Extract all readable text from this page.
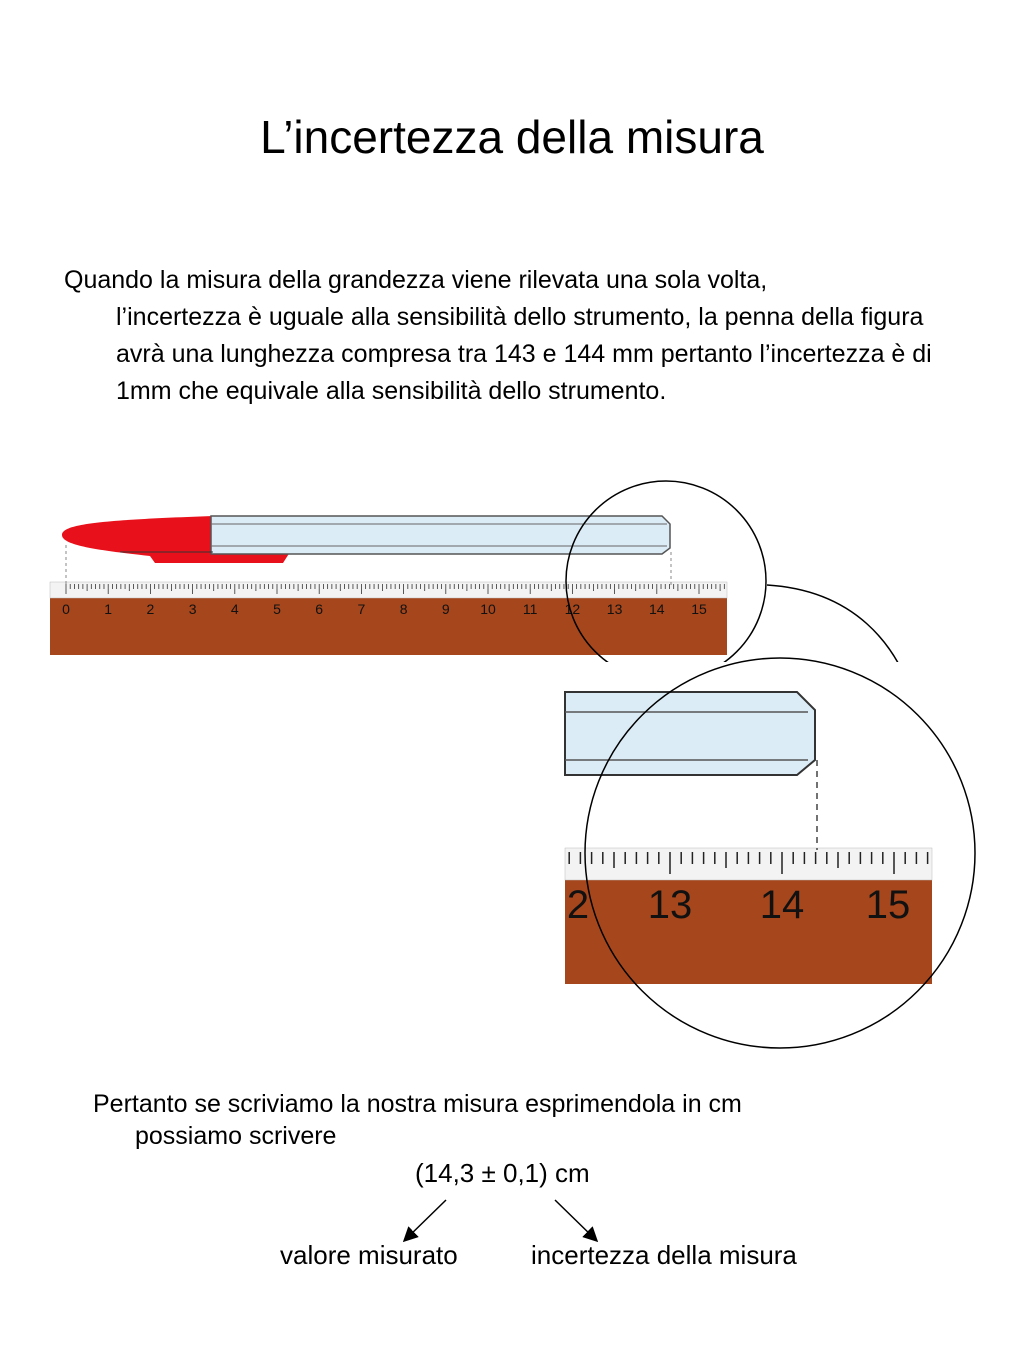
L’incertezza della misura
Quando la misura della grandezza viene rilevata una sola volta,
l’incertezza è uguale alla sensibilità dello strumento, la penna della figura avrà una lunghezza compresa tra 143 e 144 mm pertanto l’incertezza è di 1mm che equivale alla sensibilità dello strumento.
0 1 2 3 4 5 6 7 8 9 10 11 12 13 14 15
2 13 14 15
Pertanto se scriviamo la nostra misura esprimendola in cm
possiamo scrivere
(14,3 ± 0,1) cm
valore misurato	incertezza della misura
